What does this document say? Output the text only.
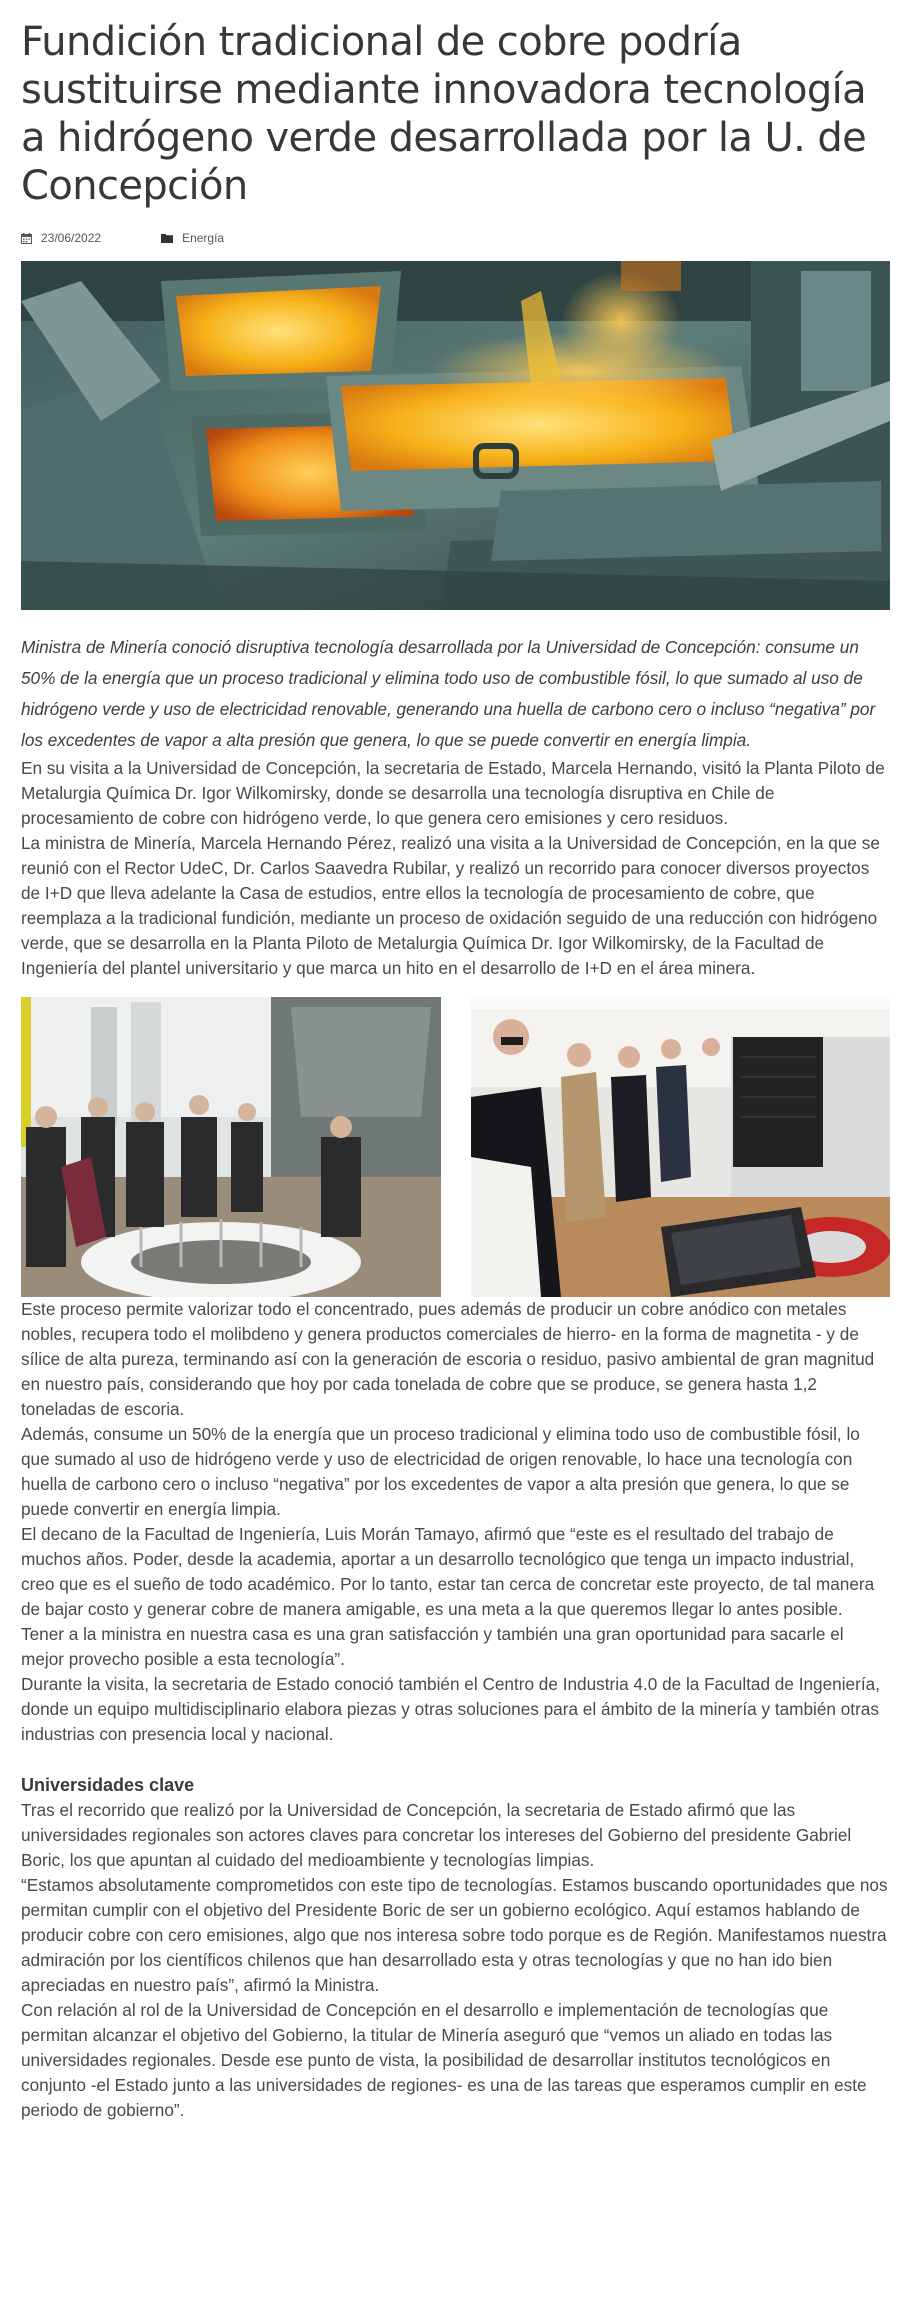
Fundición tradicional de cobre podría sustituirse mediante innovadora tecnología a hidrógeno verde desarrollada por la U. de Concepción
23/06/2022	Energía

Ministra de Minería conoció disruptiva tecnología desarrollada por la Universidad de Concepción: consume un 50% de la energía que un proceso tradicional y elimina todo uso de combustible fósil, lo que sumado al uso de hidrógeno verde y uso de electricidad renovable, generando una huella de carbono cero o incluso “negativa” por los excedentes de vapor a alta presión que genera, lo que se puede convertir en energía limpia.

En su visita a la Universidad de Concepción, la secretaria de Estado, Marcela Hernando, visitó la Planta Piloto de Metalurgia Química Dr. Igor Wilkomirsky, donde se desarrolla una tecnología disruptiva en Chile de procesamiento de cobre con hidrógeno verde, lo que genera cero emisiones y cero residuos.

La ministra de Minería, Marcela Hernando Pérez, realizó una visita a la Universidad de Concepción, en la que se reunió con el Rector UdeC, Dr. Carlos Saavedra Rubilar, y realizó un recorrido para conocer diversos proyectos de I+D que lleva adelante la Casa de estudios, entre ellos la tecnología de procesamiento de cobre, que reemplaza a la tradicional fundición, mediante un proceso de oxidación seguido de una reducción con hidrógeno verde, que se desarrolla en la Planta Piloto de Metalurgia Química Dr. Igor Wilkomirsky, de la Facultad de Ingeniería del plantel universitario y que marca un hito en el desarrollo de I+D en el área minera.

Este proceso permite valorizar todo el concentrado, pues además de producir un cobre anódico con metales nobles, recupera todo el molibdeno y genera productos comerciales de hierro- en la forma de magnetita - y de sílice de alta pureza, terminando así con la generación de escoria o residuo, pasivo ambiental de gran magnitud en nuestro país, considerando que hoy por cada tonelada de cobre que se produce, se genera hasta 1,2 toneladas de escoria.

Además, consume un 50% de la energía que un proceso tradicional y elimina todo uso de combustible fósil, lo que sumado al uso de hidrógeno verde y uso de electricidad de origen renovable, lo hace una tecnología con huella de carbono cero o incluso “negativa” por los excedentes de vapor a alta presión que genera, lo que se puede convertir en energía limpia.

El decano de la Facultad de Ingeniería, Luis Morán Tamayo, afirmó que “este es el resultado del trabajo de muchos años. Poder, desde la academia, aportar a un desarrollo tecnológico que tenga un impacto industrial, creo que es el sueño de todo académico. Por lo tanto, estar tan cerca de concretar este proyecto, de tal manera de bajar costo y generar cobre de manera amigable, es una meta a la que queremos llegar lo antes posible. Tener a la ministra en nuestra casa es una gran satisfacción y también una gran oportunidad para sacarle el mejor provecho posible a esta tecnología”.

Durante la visita, la secretaria de Estado conoció también el Centro de Industria 4.0 de la Facultad de Ingeniería, donde un equipo multidisciplinario elabora piezas y otras soluciones para el ámbito de la minería y también otras industrias con presencia local y nacional.

Universidades clave

Tras el recorrido que realizó por la Universidad de Concepción, la secretaria de Estado afirmó que las universidades regionales son actores claves para concretar los intereses del Gobierno del presidente Gabriel Boric, los que apuntan al cuidado del medioambiente y tecnologías limpias.

“Estamos absolutamente comprometidos con este tipo de tecnologías. Estamos buscando oportunidades que nos permitan cumplir con el objetivo del Presidente Boric de ser un gobierno ecológico. Aquí estamos hablando de producir cobre con cero emisiones, algo que nos interesa sobre todo porque es de Región. Manifestamos nuestra admiración por los científicos chilenos que han desarrollado esta y otras tecnologías y que no han ido bien apreciadas en nuestro país”, afirmó la Ministra.

Con relación al rol de la Universidad de Concepción en el desarrollo e implementación de tecnologías que permitan alcanzar el objetivo del Gobierno, la titular de Minería aseguró que “vemos un aliado en todas las universidades regionales. Desde ese punto de vista, la posibilidad de desarrollar institutos tecnológicos en conjunto -el Estado junto a las universidades de regiones- es una de las tareas que esperamos cumplir en este periodo de gobierno”.
